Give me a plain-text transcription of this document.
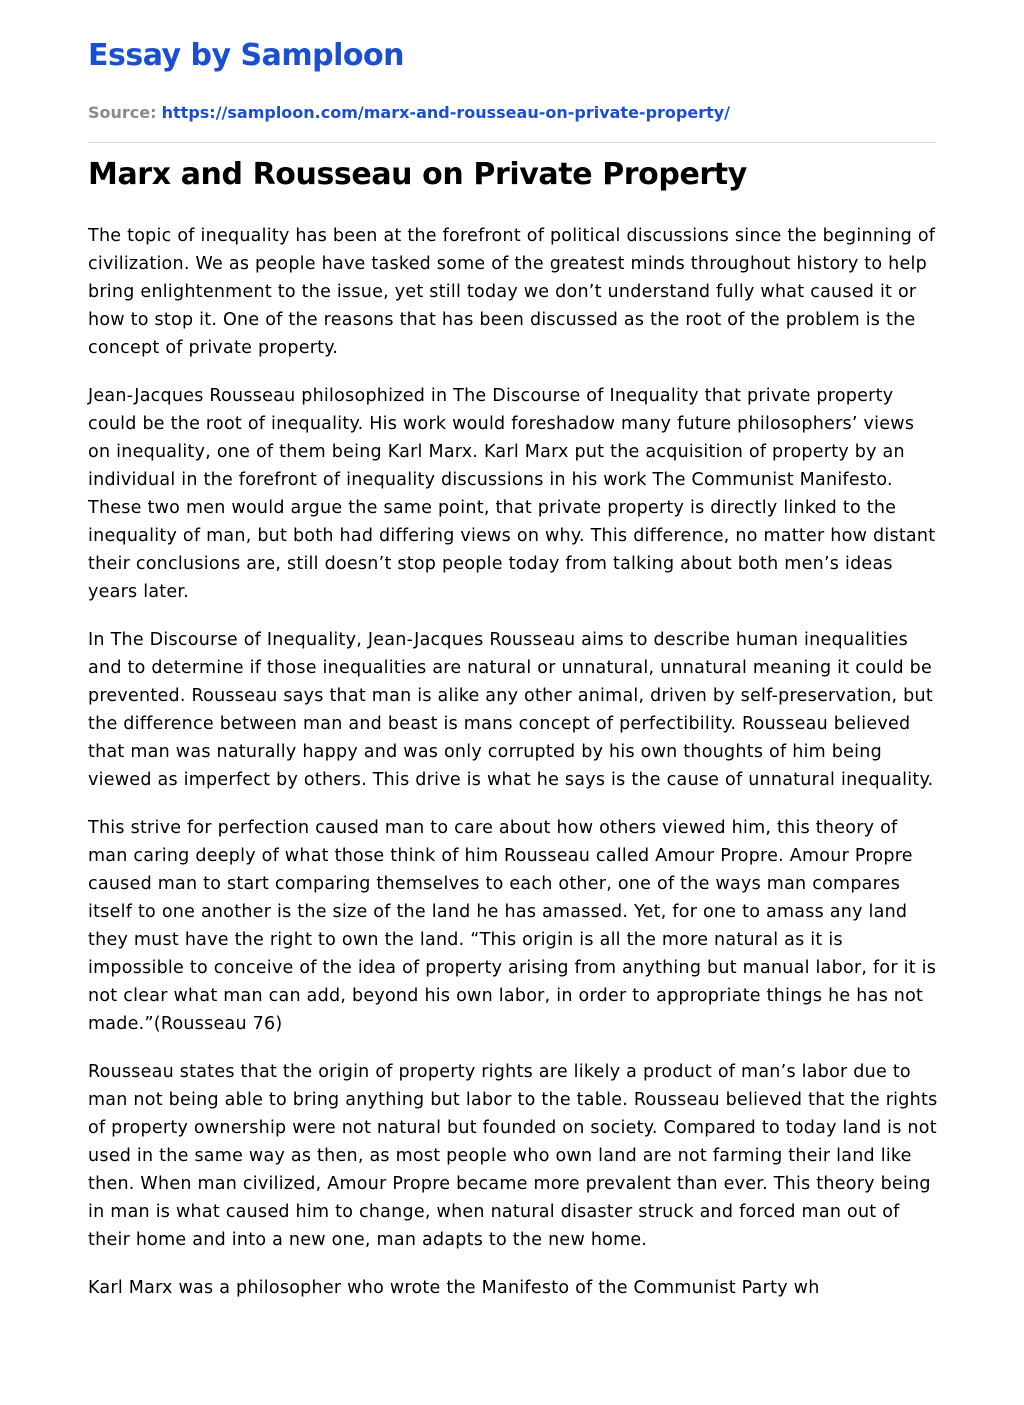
Essay by Samploon
Source: https://samploon.com/marx-and-rousseau-on-private-property/
Marx and Rousseau on Private Property

The topic of inequality has been at the forefront of political discussions since the beginning of civilization. We as people have tasked some of the greatest minds throughout history to help bring enlightenment to the issue, yet still today we don’t understand fully what caused it or how to stop it. One of the reasons that has been discussed as the root of the problem is the concept of private property.

Jean-Jacques Rousseau philosophized in The Discourse of Inequality that private property could be the root of inequality. His work would foreshadow many future philosophers’ views on inequality, one of them being Karl Marx. Karl Marx put the acquisition of property by an individual in the forefront of inequality discussions in his work The Communist Manifesto. These two men would argue the same point, that private property is directly linked to the inequality of man, but both had differing views on why. This difference, no matter how distant their conclusions are, still doesn’t stop people today from talking about both men’s ideas years later.

In The Discourse of Inequality, Jean-Jacques Rousseau aims to describe human inequalities and to determine if those inequalities are natural or unnatural, unnatural meaning it could be prevented. Rousseau says that man is alike any other animal, driven by self-preservation, but the difference between man and beast is mans concept of perfectibility. Rousseau believed that man was naturally happy and was only corrupted by his own thoughts of him being viewed as imperfect by others. This drive is what he says is the cause of unnatural inequality.

This strive for perfection caused man to care about how others viewed him, this theory of man caring deeply of what those think of him Rousseau called Amour Propre. Amour Propre caused man to start comparing themselves to each other, one of the ways man compares itself to one another is the size of the land he has amassed. Yet, for one to amass any land they must have the right to own the land. “This origin is all the more natural as it is impossible to conceive of the idea of property arising from anything but manual labor, for it is not clear what man can add, beyond his own labor, in order to appropriate things he has not made.”(Rousseau 76)

Rousseau states that the origin of property rights are likely a product of man’s labor due to man not being able to bring anything but labor to the table. Rousseau believed that the rights of property ownership were not natural but founded on society. Compared to today land is not used in the same way as then, as most people who own land are not farming their land like then. When man civilized, Amour Propre became more prevalent than ever. This theory being in man is what caused him to change, when natural disaster struck and forced man out of their home and into a new one, man adapts to the new home.

Karl Marx was a philosopher who wrote the Manifesto of the Communist Party wh
